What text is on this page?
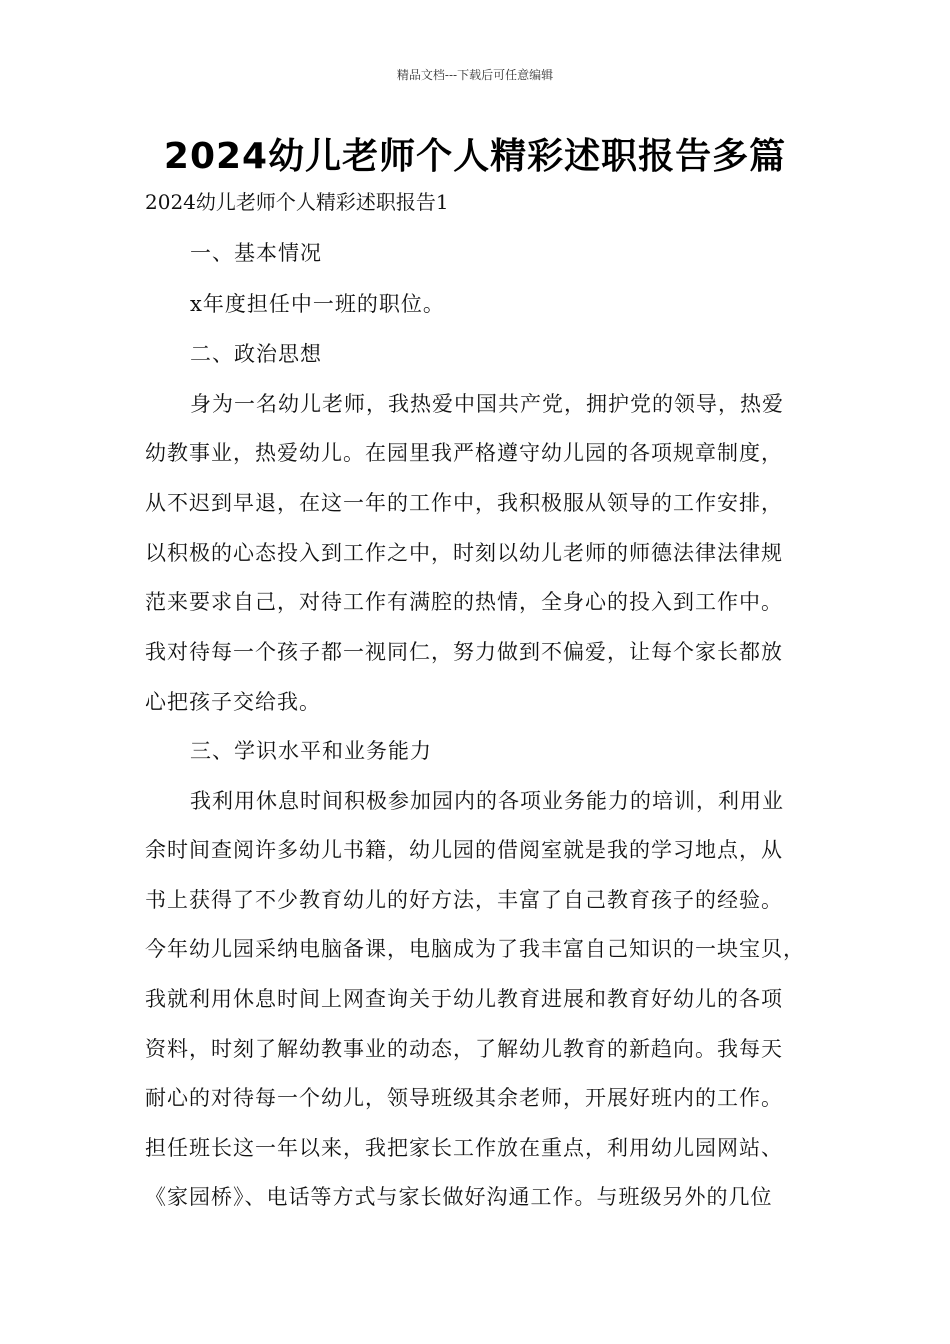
精品文档---下载后可任意编辑
2024幼儿老师个人精彩述职报告多篇
2024幼儿老师个人精彩述职报告1
一、基本情况
x年度担任中一班的职位。
二、政治思想
身为一名幼儿老师，我热爱中国共产党，拥护党的领导，热爱
幼教事业，热爱幼儿。在园里我严格遵守幼儿园的各项规章制度，
从不迟到早退，在这一年的工作中，我积极服从领导的工作安排，
以积极的心态投入到工作之中，时刻以幼儿老师的师德法律法律规
范来要求自己，对待工作有满腔的热情，全身心的投入到工作中。
我对待每一个孩子都一视同仁，努力做到不偏爱，让每个家长都放
心把孩子交给我。
三、学识水平和业务能力
我利用休息时间积极参加园内的各项业务能力的培训，利用业
余时间查阅许多幼儿书籍，幼儿园的借阅室就是我的学习地点，从
书上获得了不少教育幼儿的好方法，丰富了自己教育孩子的经验。
今年幼儿园采纳电脑备课，电脑成为了我丰富自己知识的一块宝贝，
我就利用休息时间上网查询关于幼儿教育进展和教育好幼儿的各项
资料，时刻了解幼教事业的动态，了解幼儿教育的新趋向。我每天
耐心的对待每一个幼儿，领导班级其余老师，开展好班内的工作。
担任班长这一年以来，我把家长工作放在重点，利用幼儿园网站、
《家园桥》、电话等方式与家长做好沟通工作。与班级另外的几位
